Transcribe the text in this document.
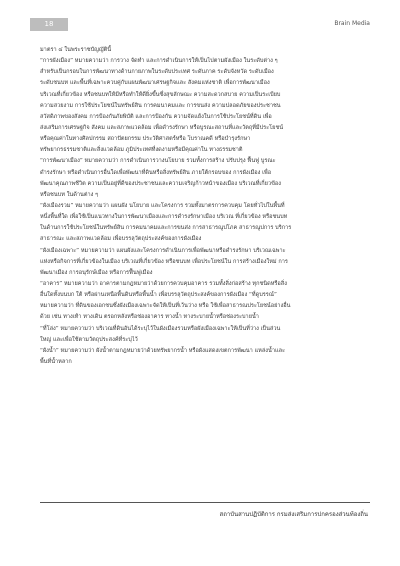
18	Brain Media
มาตรา ๔ ในพระราชบัญญัตินี้
“การผังเมือง” หมายความว่า การวาง จัดทำ และการดำเนินการให้เป็นไปตามผังเมือง ในระดับต่าง ๆ
สำหรับเป็นกรอบในการพัฒนาทางด้านกายภาพในระดับประเทศ ระดับภาค ระดับจังหวัด ระดับเมือง
ระดับชนบท และพื้นที่เฉพาะควบคู่กับแผนพัฒนาเศรษฐกิจและ สังคมแห่งชาติ เพื่อการพัฒนาเมือง
บริเวณที่เกี่ยวข้อง หรือชนบทให้มีหรือทำให้ดียิ่งขึ้นซึ่งสุขลักษณะ ความสะดวกสบาย ความเป็นระเบียบ
ความสวยงาม การใช้ประโยชน์ในทรัพย์สิน การคมนาคมและ การขนส่ง ความปลอดภัยของประชาชน
สวัสดิภาพของสังคม การป้องกันภัยพิบัติ และการป้องกัน ความจัดแย้งในการใช้ประโยชน์ที่ดิน เพื่อ
ส่งเสริมการเศรษฐกิจ สังคม และสภาพแวดล้อม เพื่อดำรงรักษา หรือบูรณะสถานที่และวัตถุที่มีประโยชน์
หรือคุณค่าในทางศิลปกรรม สถาปัตยกรรม ประวัติศาสตร์หรือ โบราณคดี หรือบำรุงรักษา
ทรัพยากรธรรมชาติและสิ่งแวดล้อม ภูมิประเทศที่งดงามหรือมีคุณค่าใน ทางธรรมชาติ
“การพัฒนาเมือง” หมายความว่า การดำเนินการวางนโยบาย รวมทั้งการสร้าง ปรับปรุง ฟื้นฟู บูรณะ
ดำรงรักษา หรือดำเนินการอื่นใดเพื่อพัฒนาที่ดินหรือสิ่งทรัพย์สิน ภายใต้กรอบของ การผังเมือง เพื่อ
พัฒนาคุณภาพชีวิต ความเป็นอยู่ที่ดีของประชาชนและความเจริญก้าวหน้าของเมือง บริเวณที่เกี่ยวข้อง
หรือชนบท ในด้านต่าง ๆ
“ผังเมืองรวม” หมายความว่า แผนผัง นโยบาย และโครงการ รวมทั้งมาตรการควบคุม โดยทั่วไปในพื้นที่
หนึ่งพื้นที่ใด เพื่อใช้เป็นแนวทางในการพัฒนาเมืองและการดำรงรักษาเมือง บริเวณ ที่เกี่ยวข้อง หรือชนบท
ในด้านการใช้ประโยชน์ในทรัพย์สิน การคมนาคมและการขนส่ง การสาธารณูปโภค สาธารณูปการ บริการ
สาธารณะ และสภาพแวดล้อม เพื่อบรรลุวัตถุประสงค์ของการผังเมือง
“ผังเมืองเฉพาะ” หมายความว่า แผนผังและโครงการดำเนินการเพื่อพัฒนาหรือดำรงรักษา บริเวณเฉพาะ
แห่งหรือกิจการที่เกี่ยวข้องในเมือง บริเวณที่เกี่ยวข้อง หรือชนบท เพื่อประโยชน์ใน การสร้างเมืองใหม่ การ
พัฒนาเมือง การอนุรักษ์เมือง หรือการฟื้นฟูเมือง
“อาคาร” หมายความว่า อาคารตามกฎหมายว่าด้วยการควบคุมอาคาร รวมทั้งสิ่งก่อสร้าง ทุกชนิดหรือสิ่ง
อื่นใดทั้งบนบก ใต้ หรือผ่านเหนือพื้นดินหรือพื้นน้ำ เพื่อบรรลุวัตถุประสงค์ของการผังเมือง “ที่ดูบรรณ์”
หมายความว่า ที่ดินของเอกชนซึ่งผังเมืองเฉพาะจัดให้เป็นที่เว้นว่าง หรือ ใช้เพื่อสาธารณประโยชน์อย่างอื่น
ด้วย เช่น ทางเท้า ทางเดิน ตรอกหลังหรือช่องอาคาร ทางน้ำ ทางระบายน้ำหรือช่องระบายน้ำ
“ที่โล่ง” หมายความว่า บริเวณที่ดินอันได้ระบุไว้ในผังเมืองรวมหรือผังเมืองเฉพาะให้เป็นที่ว่าง เป็นส่วน
ใหญ่ และเพื่อใช้ตามวัตถุประสงค์ที่ระบุไว้
“ผังน้ำ” หมายความว่า ผังน้ำตามกฎหมายว่าด้วยทรัพยากรน้ำ หรือผังแสดงเขตการพัฒนา แหล่งน้ำและ
พื้นที่น้ำหลาก
สถาบันสานปฏิบัติการ กรมส่งเสริมการปกครองส่วนท้องถิ่น
